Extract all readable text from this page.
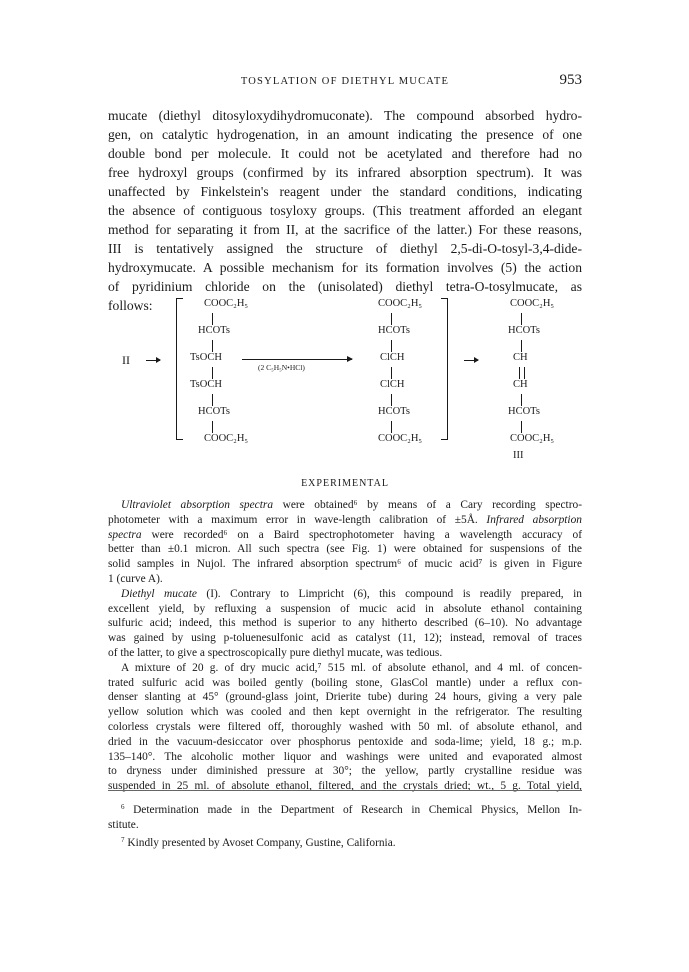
TOSYLATION OF DIETHYL MUCATE	953

mucate (diethyl ditosyloxydihydromuconate). The compound absorbed hydro-
gen, on catalytic hydrogenation, in an amount indicating the presence of one
double bond per molecule. It could not be acetylated and therefore had no
free hydroxyl groups (confirmed by its infrared absorption spectrum). It was
unaffected by Finkelstein's reagent under the standard conditions, indicating
the absence of contiguous tosyloxy groups. (This treatment afforded an elegant
method for separating it from II, at the sacrifice of the latter.) For these reasons,
III is tentatively assigned the structure of diethyl 2,5-di-O-tosyl-3,4-dide-
hydroxymucate. A possible mechanism for its formation involves (5) the action
of pyridinium chloride on the (unisolated) diethyl tetra-O-tosylmucate, as
follows:

II
COOC₂H₅
HCOTs
TsOCH
TsOCH
HCOTs
COOC₂H₅
(2 C₅H₅N•HCl)
COOC₂H₅
HCOTs
ClCH
ClCH
HCOTs
COOC₂H₅
COOC₂H₅
HCOTs
CH
CH
HCOTs
COOC₂H₅
III
EXPERIMENTAL

Ultraviolet absorption spectra were obtained⁶ by means of a Cary recording spectro-
photometer with a maximum error in wave-length calibration of ±5Å. Infrared absorption
spectra were recorded⁶ on a Baird spectrophotometer having a wavelength accuracy of
better than ±0.1 micron. All such spectra (see Fig. 1) were obtained for suspensions of the
solid samples in Nujol. The infrared absorption spectrum⁶ of mucic acid⁷ is given in Figure
1 (curve A).
Diethyl mucate (I). Contrary to Limpricht (6), this compound is readily prepared, in
excellent yield, by refluxing a suspension of mucic acid in absolute ethanol containing
sulfuric acid; indeed, this method is superior to any hitherto described (6–10). No advantage
was gained by using p-toluenesulfonic acid as catalyst (11, 12); instead, removal of traces
of the latter, to give a spectroscopically pure diethyl mucate, was tedious.
A mixture of 20 g. of dry mucic acid,⁷ 515 ml. of absolute ethanol, and 4 ml. of concen-
trated sulfuric acid was boiled gently (boiling stone, GlasCol mantle) under a reflux con-
denser slanting at 45° (ground-glass joint, Drierite tube) during 24 hours, giving a very pale
yellow solution which was cooled and then kept overnight in the refrigerator. The resulting
colorless crystals were filtered off, thoroughly washed with 50 ml. of absolute ethanol, and
dried in the vacuum-desiccator over phosphorus pentoxide and soda-lime; yield, 18 g.; m.p.
135–140°. The alcoholic mother liquor and washings were united and evaporated almost
to dryness under diminished pressure at 30°; the yellow, partly crystalline residue was
suspended in 25 ml. of absolute ethanol, filtered, and the crystals dried; wt., 5 g. Total yield,

$^6$ Determination made in the Department of Research in Chemical Physics, Mellon In-
stitute.
$^7$ Kindly presented by Avoset Company, Gustine, California.
